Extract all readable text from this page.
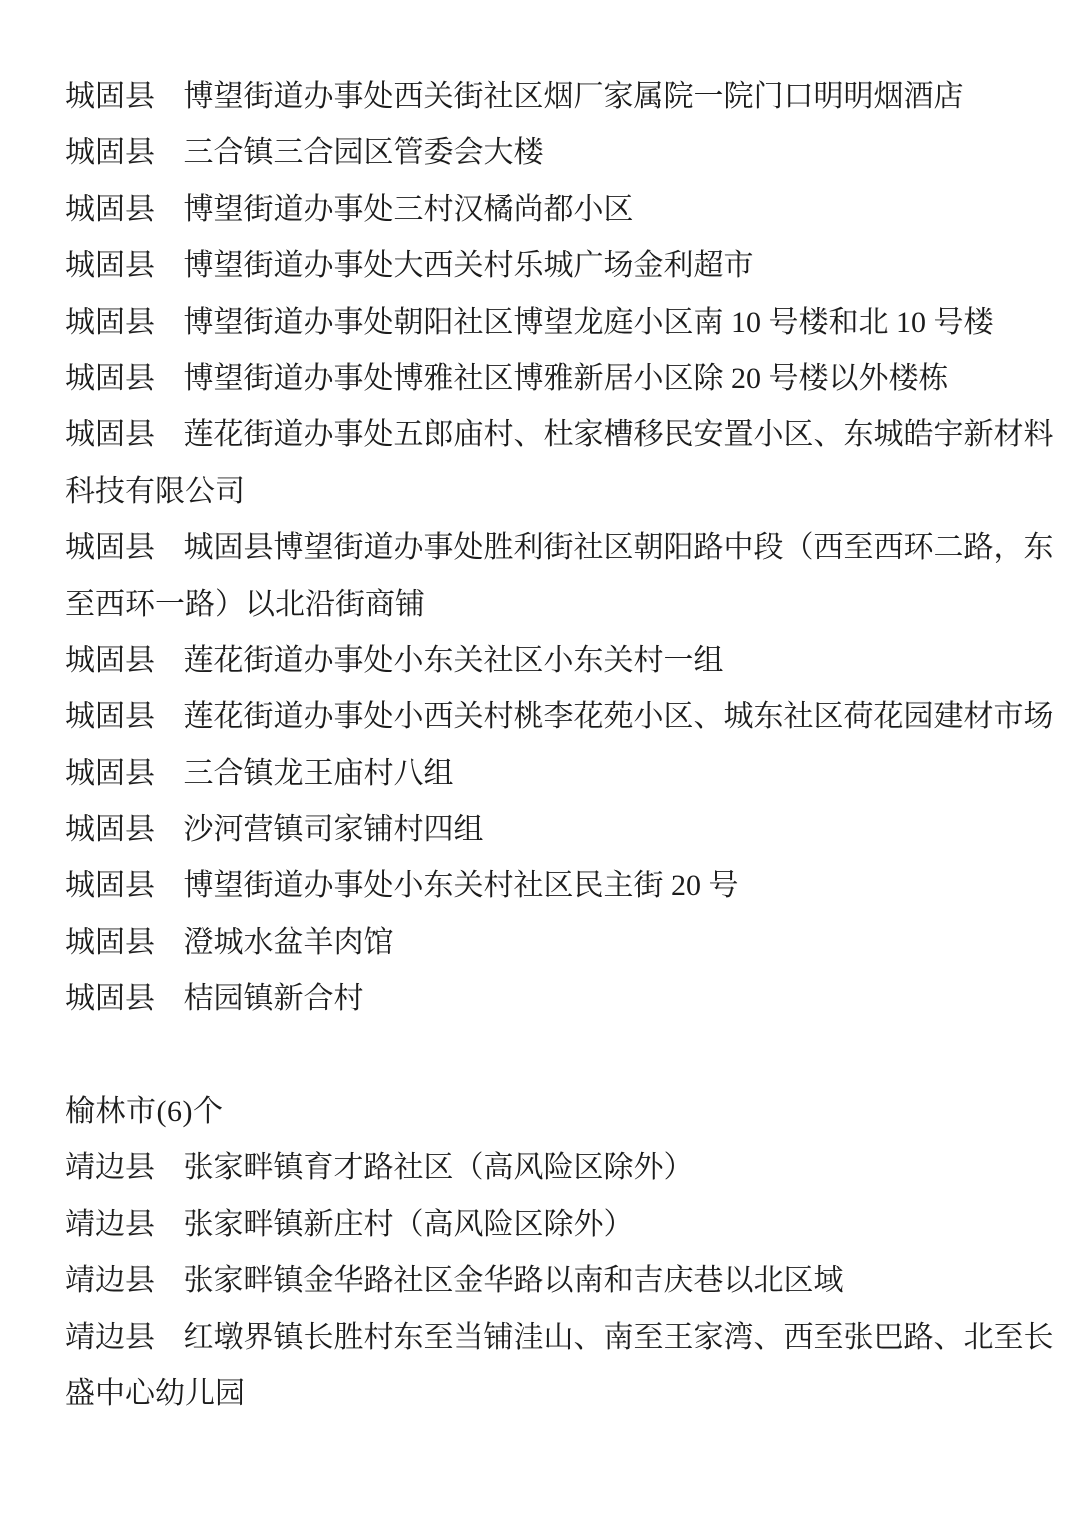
城固县 博望街道办事处西关街社区烟厂家属院一院门口明明烟酒店

城固县 三合镇三合园区管委会大楼

城固县 博望街道办事处三村汉橘尚都小区

城固县 博望街道办事处大西关村乐城广场金利超市

城固县 博望街道办事处朝阳社区博望龙庭小区南 10 号楼和北 10 号楼

城固县 博望街道办事处博雅社区博雅新居小区除 20 号楼以外楼栋

城固县 莲花街道办事处五郎庙村、杜家槽移民安置小区、东城皓宇新材料

科技有限公司

城固县 城固县博望街道办事处胜利街社区朝阳路中段（西至西环二路，东

至西环一路）以北沿街商铺

城固县 莲花街道办事处小东关社区小东关村一组

城固县 莲花街道办事处小西关村桃李花苑小区、城东社区荷花园建材市场

城固县 三合镇龙王庙村八组

城固县 沙河营镇司家铺村四组

城固县 博望街道办事处小东关村社区民主街 20 号

城固县 澄城水盆羊肉馆

城固县 桔园镇新合村

榆林市(6)个

靖边县 张家畔镇育才路社区（高风险区除外）

靖边县 张家畔镇新庄村（高风险区除外）

靖边县 张家畔镇金华路社区金华路以南和吉庆巷以北区域

靖边县 红墩界镇长胜村东至当铺洼山、南至王家湾、西至张巴路、北至长

盛中心幼儿园
